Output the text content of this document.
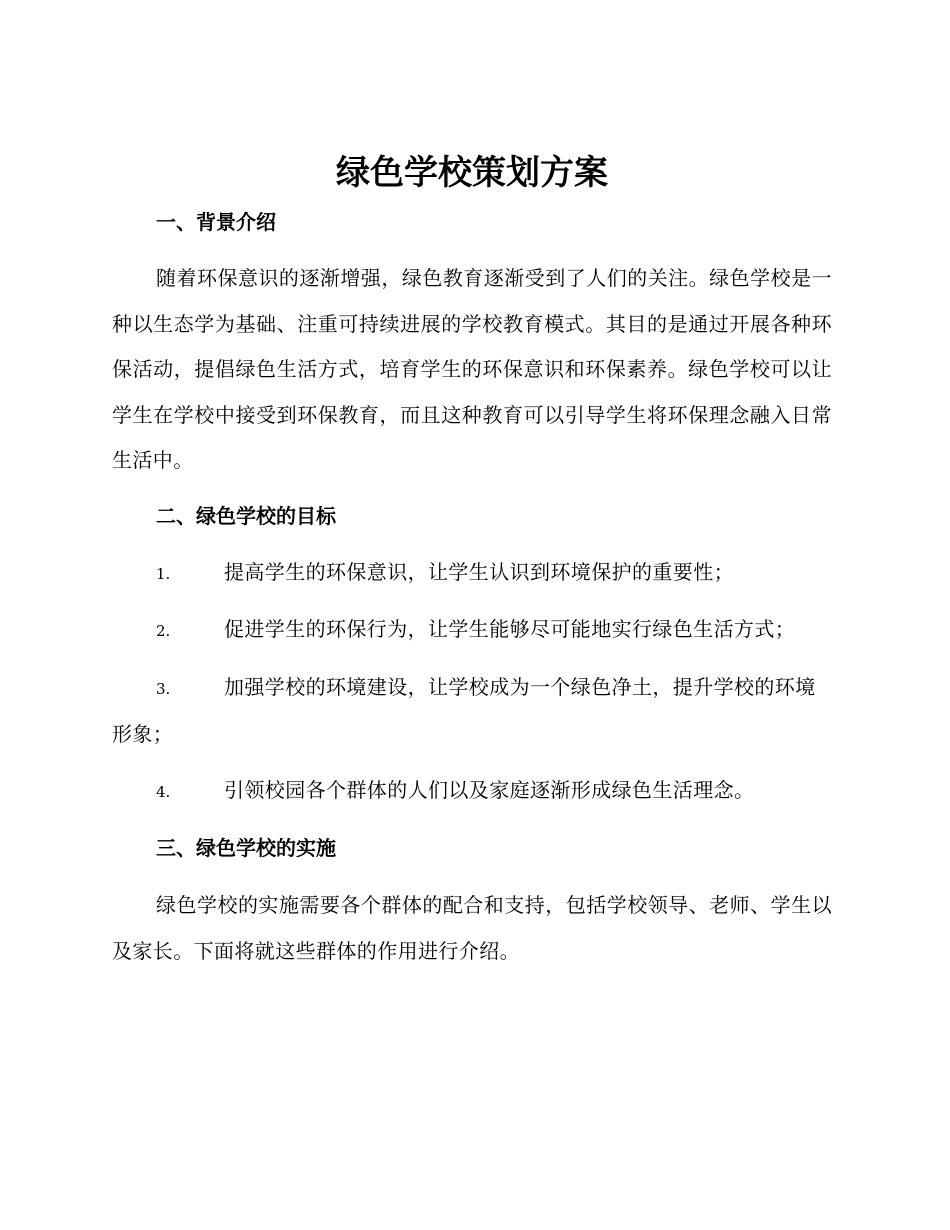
绿色学校策划方案
一、背景介绍

随着环保意识的逐渐增强，绿色教育逐渐受到了人们的关注。绿色学校是一种以生态学为基础、注重可持续进展的学校教育模式。其目的是通过开展各种环保活动，提倡绿色生活方式，培育学生的环保意识和环保素养。绿色学校可以让学生在学校中接受到环保教育，而且这种教育可以引导学生将环保理念融入日常生活中。

二、绿色学校的目标
1.	提高学生的环保意识，让学生认识到环境保护的重要性；
2.	促进学生的环保行为，让学生能够尽可能地实行绿色生活方式；
3.	加强学校的环境建设，让学校成为一个绿色净土，提升学校的环境形象；
4.	引领校园各个群体的人们以及家庭逐渐形成绿色生活理念。
三、绿色学校的实施

绿色学校的实施需要各个群体的配合和支持，包括学校领导、老师、学生以及家长。下面将就这些群体的作用进行介绍。
